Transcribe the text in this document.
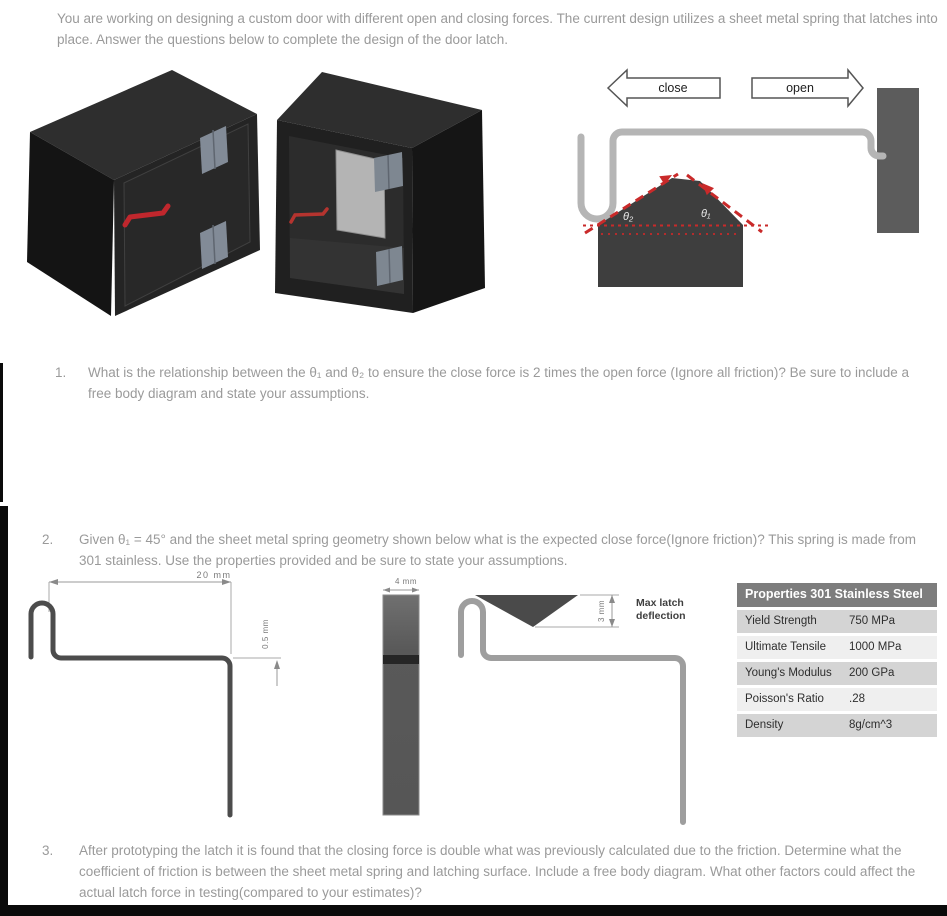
You are working on designing a custom door with different open and closing forces. The current design utilizes a sheet metal spring that latches into place. Answer the questions below to complete the design of the door latch.
θ₂	θ₁
close	open
1. What is the relationship between the θ₁ and θ₂ to ensure the close force is 2 times the open force (Ignore all friction)? Be sure to include a free body diagram and state your assumptions.
2. Given θ₁ = 45° and the sheet metal spring geometry shown below what is the expected close force(Ignore friction)? This spring is made from 301 stainless. Use the properties provided and be sure to state your assumptions.
20 mm
0.5 mm
4 mm
3 mm	Max latch
deflection
Properties 301 Stainless Steel
Yield Strength	750 MPa
Ultimate Tensile	1000 MPa
Young's Modulus	200 GPa
Poisson's Ratio	.28
Density	8g/cm^3
3. After prototyping the latch it is found that the closing force is double what was previously calculated due to the friction. Determine what the coefficient of friction is between the sheet metal spring and latching surface. Include a free body diagram. What other factors could affect the actual latch force in testing(compared to your estimates)?
